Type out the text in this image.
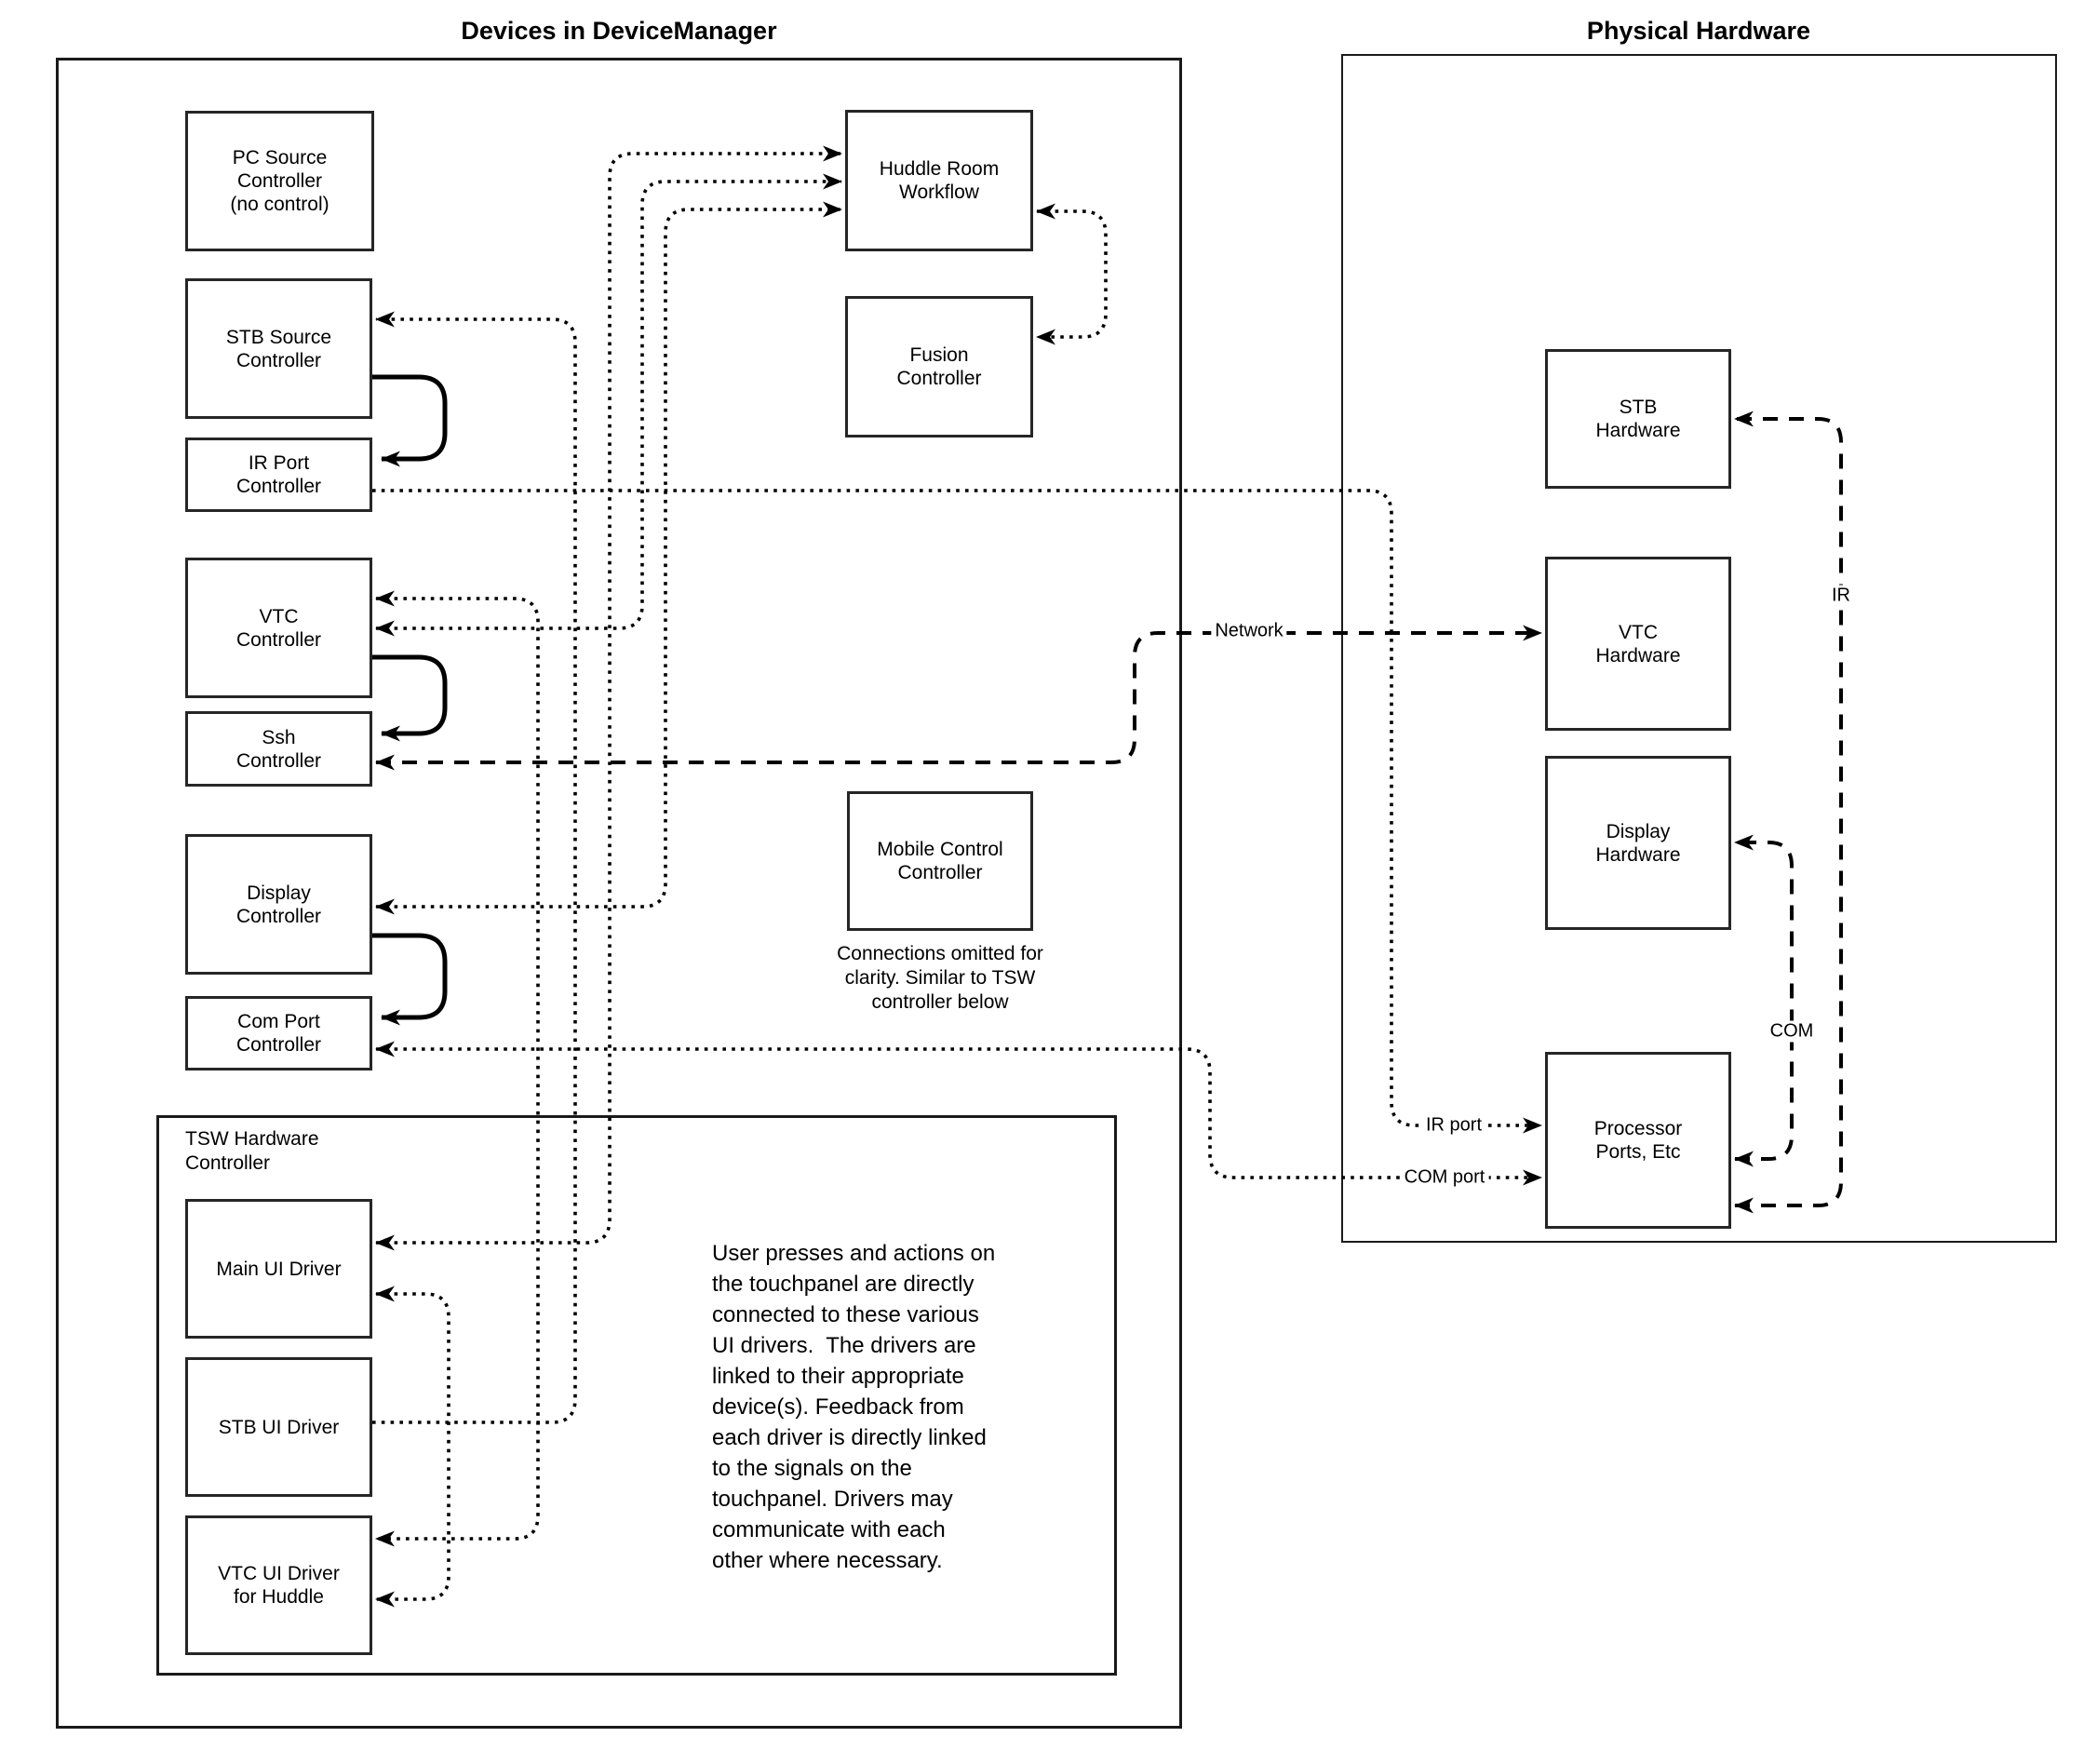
Devices in DeviceManager	Physical Hardware
TSW Hardware
Controller
PC Source
Controller
(no control)
STB Source
Controller
IR Port
Controller
VTC
Controller
Ssh
Controller
Display
Controller
Com Port
Controller
Main UI Driver
STB UI Driver
VTC UI Driver
for Huddle
Huddle Room
Workflow
Fusion
Controller
Mobile Control
Controller
STB
Hardware
VTC
Hardware
Display
Hardware
Processor
Ports, Etc
Network
IR port
COM port
IR
COM
Connections omitted for
clarity. Similar to TSW
controller below
User presses and actions on
the touchpanel are directly
connected to these various
UI drivers.  The drivers are
linked to their appropriate
device(s). Feedback from
each driver is directly linked
to the signals on the
touchpanel. Drivers may
communicate with each
other where necessary.
